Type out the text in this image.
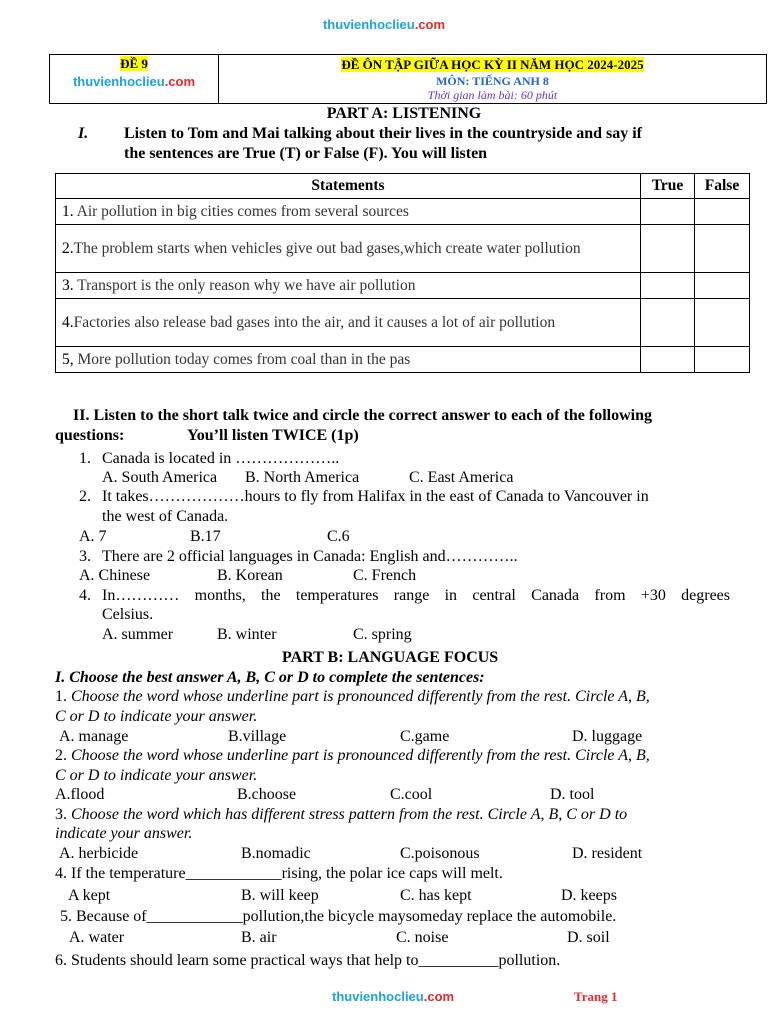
thuvienhoclieu.com
ĐỀ 9
thuvienhoclieu.com

ĐỀ ÔN TẬP GIỮA HỌC KỲ II NĂM HỌC 2024-2025
MÔN: TIẾNG ANH 8
Thời gian làm bài: 60 phút
PART A: LISTENING
I. Listen to Tom and Mai talking about their lives in the countryside and say if
the sentences are True (T) or False (F). You will listen
Statements	True	False
1. Air pollution in big cities comes from several sources		
2.The problem starts when vehicles give out bad gases,which create water pollution		
3. Transport is the only reason why we have air pollution		
4.Factories also release bad gases into the air, and it causes a lot of air pollution		
5, More pollution today comes from coal than in the pas		
II. Listen to the short talk twice and circle the correct answer to each of the following
questions:	You’ll listen TWICE (1p)
1. Canada is located in ………………..
A. South America B. North America	C. East America
2. It takes………………hours to fly from Halifax in the east of Canada to Vancouver in
the west of Canada.
A. 7	B.17	C.6
3. There are 2 official languages in Canada: English and…………..
A. Chinese	B. Korean	C. French
4. In………… months, the temperatures range in central Canada from +30 degrees
Celsius.
A. summer	B. winter	C. spring
PART B: LANGUAGE FOCUS
I. Choose the best answer A, B, C or D to complete the sentences:
1. Choose the word whose underline part is pronounced differently from the rest. Circle A, B,
C or D to indicate your answer.
A. manage	B.village	C.game	D. luggage
2. Choose the word whose underline part is pronounced differently from the rest. Circle A, B,
C or D to indicate your answer.
A.flood	B.choose	C.cool	D. tool
3. Choose the word which has different stress pattern from the rest. Circle A, B, C or D to
indicate your answer.
A. herbicide	B.nomadic	C.poisonous	D. resident
4. If the temperature____________rising, the polar ice caps will melt.
A kept	B. will keep	C. has kept	D. keeps
5. Because of____________pollution,the bicycle maysomeday replace the automobile.
A. water	B. air	C. noise	D. soil
6. Students should learn some practical ways that help to__________pollution.
thuvienhoclieu.com	Trang 1
